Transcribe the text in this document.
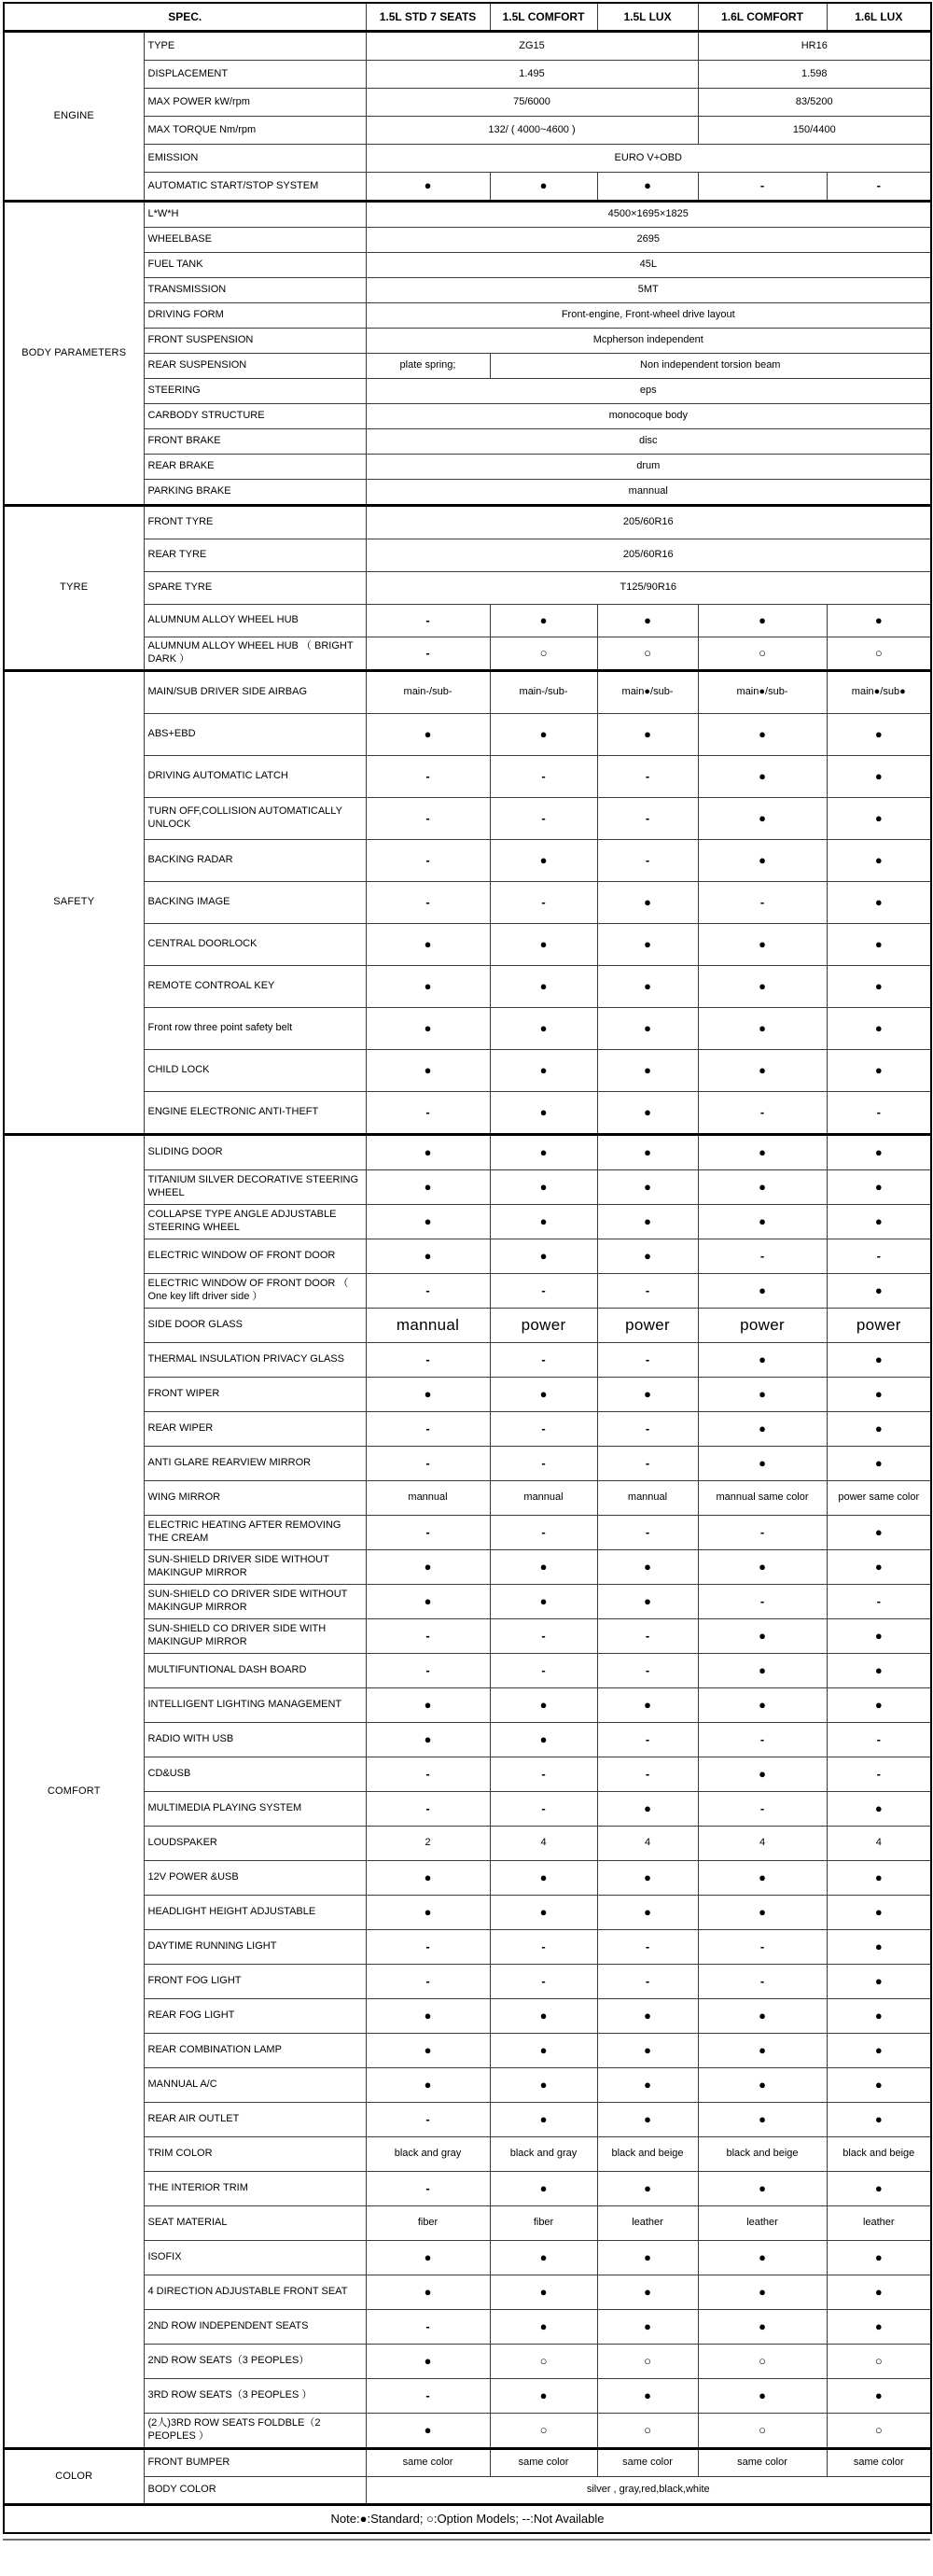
SPEC.		1.5L STD 7 SEATS	1.5L COMFORT	1.5L LUX	1.6L COMFORT	1.6L LUX
ENGINE	TYPE	ZG15			HR16	
	DISPLACEMENT	1.495			1.598	
	MAX POWER kW/rpm	75/6000			83/5200	
	MAX TORQUE Nm/rpm	132/ ( 4000~4600 )			150/4400	
	EMISSION	EURO V+OBD				
	AUTOMATIC START/STOP SYSTEM	●	●	●	-	-
BODY PARAMETERS	L*W*H	4500×1695×1825				
	WHEELBASE	2695				
	FUEL TANK	45L				
	TRANSMISSION	5MT				
	DRIVING FORM	Front-engine, Front-wheel drive layout				
	FRONT SUSPENSION	Mcpherson independent				
	REAR SUSPENSION	plate spring;	Non independent torsion beam			
	STEERING	eps				
	CARBODY STRUCTURE	monocoque body				
	FRONT BRAKE	disc				
	REAR BRAKE	drum				
	PARKING BRAKE	mannual				
TYRE	FRONT TYRE	205/60R16				
	REAR TYRE	205/60R16				
	SPARE TYRE	T125/90R16				
	ALUMNUM ALLOY WHEEL HUB	-	●	●	●	●
	ALUMNUM ALLOY WHEEL HUB （ BRIGHT DARK ）	-	○	○	○	○
SAFETY	MAIN/SUB DRIVER SIDE AIRBAG	main-/sub-	main-/sub-	main●/sub-	main●/sub-	main●/sub●
	ABS+EBD	●	●	●	●	●
	DRIVING AUTOMATIC LATCH	-	-	-	●	●
	TURN OFF,COLLISION AUTOMATICALLY UNLOCK	-	-	-	●	●
	BACKING RADAR	-	●	-	●	●
	BACKING IMAGE	-	-	●	-	●
	CENTRAL DOORLOCK	●	●	●	●	●
	REMOTE CONTROAL KEY	●	●	●	●	●
	Front row three point safety belt	●	●	●	●	●
	CHILD LOCK	●	●	●	●	●
	ENGINE ELECTRONIC ANTI-THEFT	-	●	●	-	-
COMFORT	SLIDING DOOR	●	●	●	●	●
	TITANIUM SILVER DECORATIVE STEERING WHEEL	●	●	●	●	●
	COLLAPSE TYPE ANGLE ADJUSTABLE STEERING WHEEL	●	●	●	●	●
	ELECTRIC WINDOW OF FRONT DOOR	●	●	●	-	-
	ELECTRIC WINDOW OF FRONT DOOR （ One key lift driver side ）	-	-	-	●	●
	SIDE DOOR GLASS	mannual	power	power	power	power
	THERMAL INSULATION PRIVACY GLASS	-	-	-	●	●
	FRONT WIPER	●	●	●	●	●
	REAR WIPER	-	-	-	●	●
	ANTI GLARE REARVIEW MIRROR	-	-	-	●	●
	WING MIRROR	mannual	mannual	mannual	mannual same color	power same color
	ELECTRIC HEATING AFTER REMOVING THE CREAM	-	-	-	-	●
	SUN-SHIELD DRIVER SIDE WITHOUT MAKINGUP MIRROR	●	●	●	●	●
	SUN-SHIELD CO DRIVER SIDE WITHOUT MAKINGUP MIRROR	●	●	●	-	-
	SUN-SHIELD CO DRIVER SIDE WITH MAKINGUP MIRROR	-	-	-	●	●
	MULTIFUNTIONAL DASH BOARD	-	-	-	●	●
	INTELLIGENT LIGHTING MANAGEMENT	●	●	●	●	●
	RADIO WITH USB	●	●	-	-	-
	CD&USB	-	-	-	●	-
	MULTIMEDIA PLAYING SYSTEM	-	-	●	-	●
	LOUDSPAKER	2	4	4	4	4
	12V POWER &USB	●	●	●	●	●
	HEADLIGHT HEIGHT ADJUSTABLE	●	●	●	●	●
	DAYTIME RUNNING LIGHT	-	-	-	-	●
	FRONT FOG LIGHT	-	-	-	-	●
	REAR FOG LIGHT	●	●	●	●	●
	REAR COMBINATION LAMP	●	●	●	●	●
	MANNUAL A/C	●	●	●	●	●
	REAR AIR OUTLET	-	●	●	●	●
	TRIM COLOR	black and gray	black and gray	black and beige	black and beige	black and beige
	THE INTERIOR TRIM	-	●	●	●	●
	SEAT MATERIAL	fiber	fiber	leather	leather	leather
	ISOFIX	●	●	●	●	●
	4 DIRECTION ADJUSTABLE FRONT SEAT	●	●	●	●	●
	2ND ROW INDEPENDENT SEATS	-	●	●	●	●
	2ND ROW SEATS（3 PEOPLES）	●	○	○	○	○
	3RD ROW SEATS（3 PEOPLES ）	-	●	●	●	●
	(2人)3RD ROW SEATS FOLDBLE（2 PEOPLES ）	●	○	○	○	○
COLOR	FRONT BUMPER	same color	same color	same color	same color	same color
	BODY COLOR	silver , gray,red,black,white				
Note:●:Standard; ○:Option Models; --:Not Available						
